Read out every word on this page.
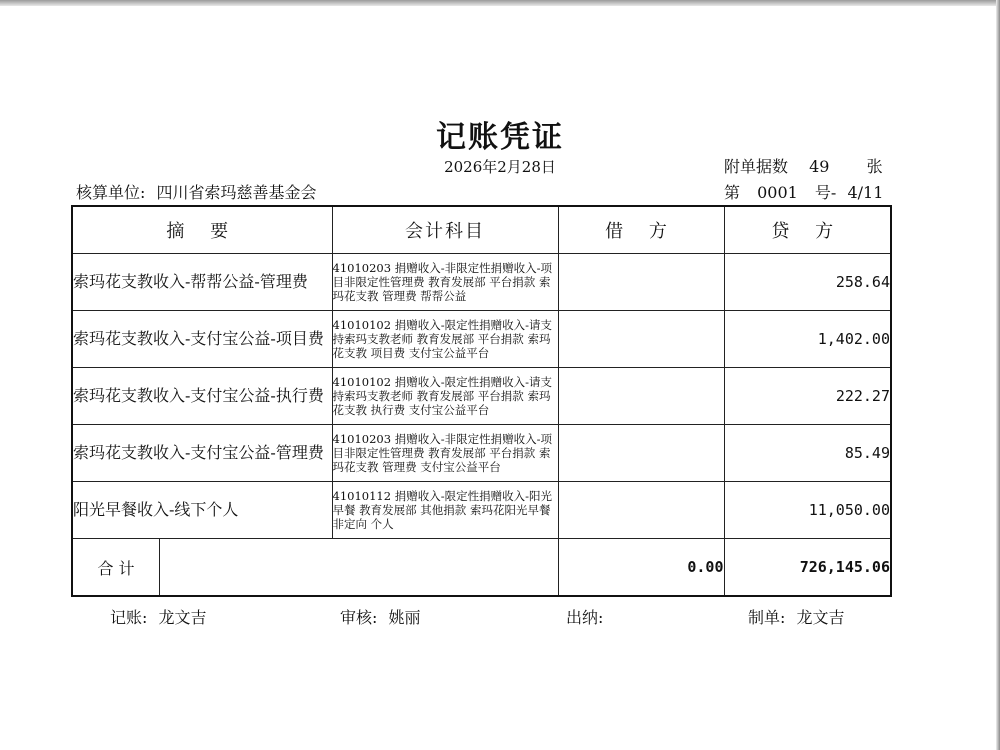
记账凭证
2026年2月28日	附单据数 49 张
核算单位: 四川省索玛慈善基金会	第 0001 号- 4/11
摘 要	会计科目	借 方	贷 方
索玛花支教收入-帮帮公益-管理费	41010203 捐赠收入-非限定性捐赠收入-项目非限定性管理费 教育发展部 平台捐款 索玛花支教 管理费 帮帮公益		258.64
索玛花支教收入-支付宝公益-项目费	41010102 捐赠收入-限定性捐赠收入-请支持索玛支教老师 教育发展部 平台捐款 索玛花支教 项目费 支付宝公益平台		1,402.00
索玛花支教收入-支付宝公益-执行费	41010102 捐赠收入-限定性捐赠收入-请支持索玛支教老师 教育发展部 平台捐款 索玛花支教 执行费 支付宝公益平台		222.27
索玛花支教收入-支付宝公益-管理费	41010203 捐赠收入-非限定性捐赠收入-项目非限定性管理费 教育发展部 平台捐款 索玛花支教 管理费 支付宝公益平台		85.49
阳光早餐收入-线下个人	41010112 捐赠收入-限定性捐赠收入-阳光早餐 教育发展部 其他捐款 索玛花阳光早餐 非定向 个人		11,050.00

合 计		0.00	726,145.06
记账: 龙文吉	审核: 姚丽	出纳:	制单: 龙文吉
